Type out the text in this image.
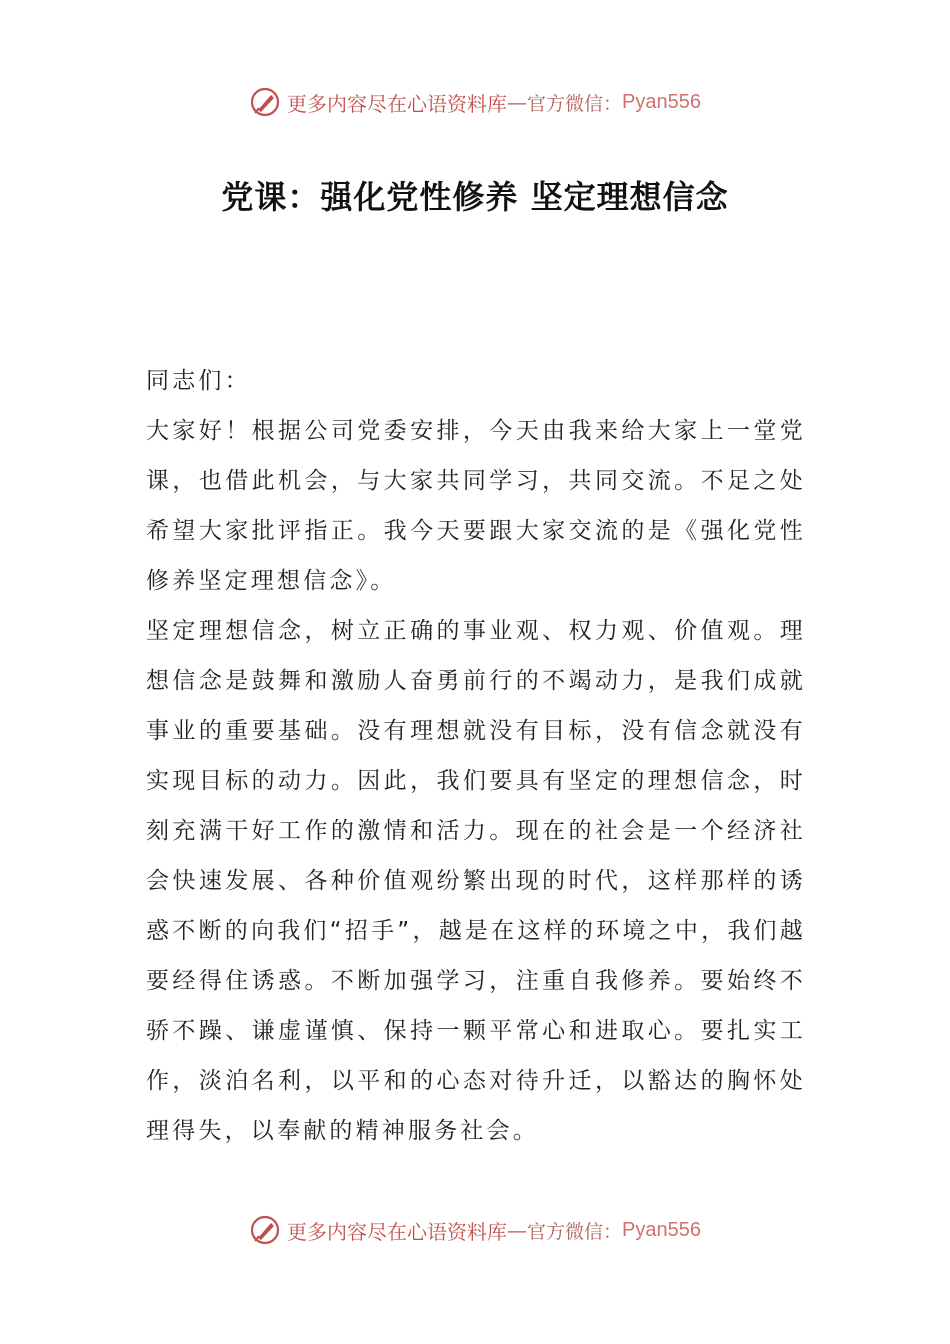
更多内容尽在心语资料库 — 官方微信： Pyan556
党课：强化党性修养 坚定理想信念

同志们：

大家好！根据公司党委安排，今天由我来给大家上一堂党课，也借此机会，与大家共同学习，共同交流。不足之处希望大家批评指正。我今天要跟大家交流的是《强化党性修养坚定理想信念》。

坚定理想信念，树立正确的事业观、权力观、价值观。理想信念是鼓舞和激励人奋勇前行的不竭动力，是我们成就事业的重要基础。没有理想就没有目标，没有信念就没有实现目标的动力。因此，我们要具有坚定的理想信念，时刻充满干好工作的激情和活力。现在的社会是一个经济社会快速发展、各种价值观纷繁出现的时代，这样那样的诱惑不断的向我们“招手”，越是在这样的环境之中，我们越要经得住诱惑。不断加强学习，注重自我修养。要始终不骄不躁、谦虚谨慎、保持一颗平常心和进取心。要扎实工作，淡泊名利，以平和的心态对待升迁，以豁达的胸怀处理得失，以奉献的精神服务社会。

更多内容尽在心语资料库 — 官方微信： Pyan556
